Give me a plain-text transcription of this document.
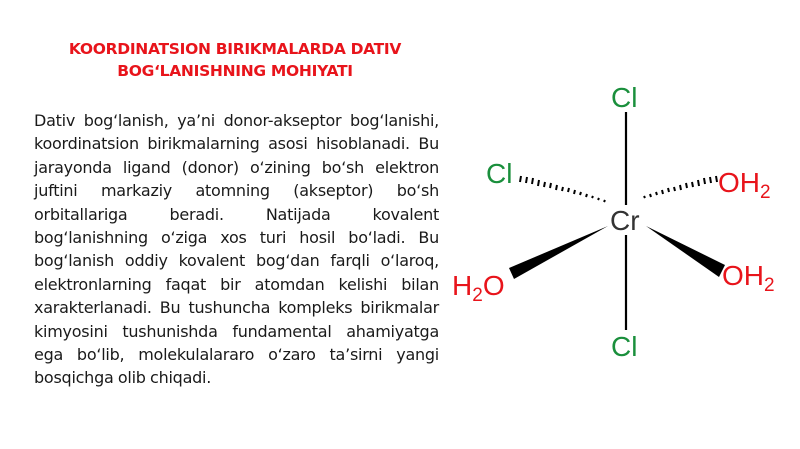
KOORDINATSION BIRIKMALARDA DATIV
BOG‘LANISHNING MOHIYATI

Dativ bog‘lanish, ya’ni donor-akseptor bog‘lanishi, koordinatsion birikmalarning asosi hisoblanadi. Bu jarayonda ligand (donor) o‘zining bo‘sh elektron juftini markaziy atomning (akseptor) bo‘sh orbitallariga beradi. Natijada kovalent bog‘lanishning o‘ziga xos turi hosil bo‘ladi. Bu bog‘lanish oddiy kovalent bog‘dan farqli o‘laroq, elektronlarning faqat bir atomdan kelishi bilan xarakterlanadi. Bu tushuncha kompleks birikmalar kimyosini tushunishda fundamental ahamiyatga ega bo‘lib, molekulalararo o‘zaro ta’sirni yangi bosqichga olib chiqadi.

Cl
Cr
Cl
Cl	OH2
H2O	OH2
